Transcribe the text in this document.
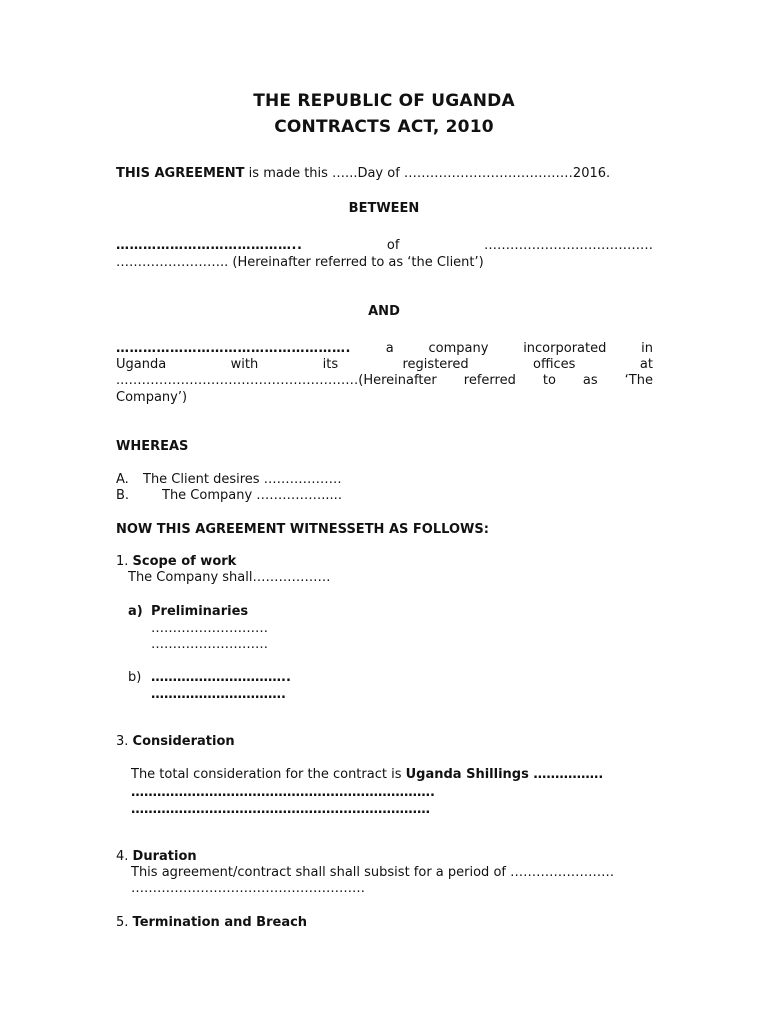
THE REPUBLIC OF UGANDA
CONTRACTS ACT, 2010
THIS AGREEMENT is made this …...Day of …………………………………2016.
BETWEEN
…………………………………..	of	…………………………………
…………………….. (Hereinafter referred to as ‘the Client’)
AND
…………………………………………….	a	company	incorporated	in
Uganda	with	its	registered	offices	at
..………………………………………………(Hereinafter referred to as ‘The
Company’)
WHEREAS
A. The Client desires ………………
B.	The Company …………….....
NOW THIS AGREEMENT WITNESSETH AS FOLLOWS:
1. Scope of work
The Company shall………………
a) Preliminaries
………………………
………………………
b) …………………………..
………………………….
3. Consideration
The total consideration for the contract is Uganda Shillings …………….
…………………………………………………………….
……………………………………………………………
4. Duration
This agreement/contract shall shall subsist for a period of ……………………
………………………………………………
5. Termination and Breach
